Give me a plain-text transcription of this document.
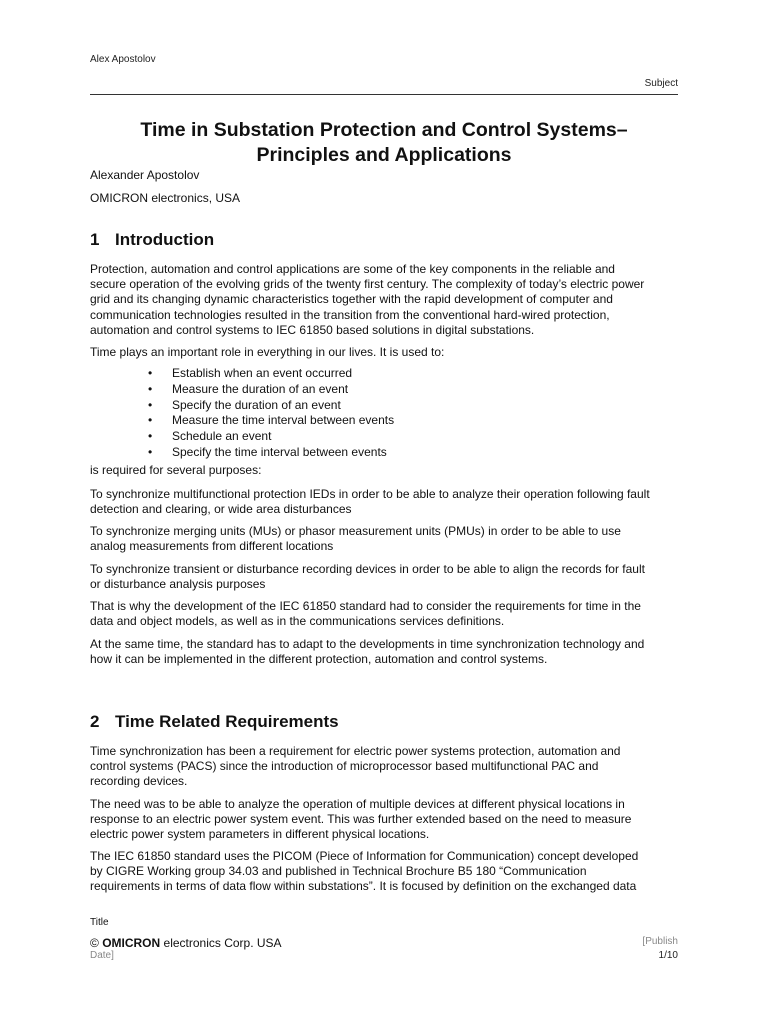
Alex Apostolov
Subject
Time in Substation Protection and Control Systems–
Principles and Applications
Alexander Apostolov
OMICRON electronics, USA
1 Introduction
Protection, automation and control applications are some of the key components in the reliable and
secure operation of the evolving grids of the twenty first century. The complexity of today’s electric power
grid and its changing dynamic characteristics together with the rapid development of computer and
communication technologies resulted in the transition from the conventional hard-wired protection,
automation and control systems to IEC 61850 based solutions in digital substations.
Time plays an important role in everything in our lives. It is used to:
• Establish when an event occurred
• Measure the duration of an event
• Specify the duration of an event
• Measure the time interval between events
• Schedule an event
• Specify the time interval between events
is required for several purposes:
To synchronize multifunctional protection IEDs in order to be able to analyze their operation following fault
detection and clearing, or wide area disturbances
To synchronize merging units (MUs) or phasor measurement units (PMUs) in order to be able to use
analog measurements from different locations
To synchronize transient or disturbance recording devices in order to be able to align the records for fault
or disturbance analysis purposes
That is why the development of the IEC 61850 standard had to consider the requirements for time in the
data and object models, as well as in the communications services definitions.
At the same time, the standard has to adapt to the developments in time synchronization technology and
how it can be implemented in the different protection, automation and control systems.
2 Time Related Requirements
Time synchronization has been a requirement for electric power systems protection, automation and
control systems (PACS) since the introduction of microprocessor based multifunctional PAC and
recording devices.
The need was to be able to analyze the operation of multiple devices at different physical locations in
response to an electric power system event. This was further extended based on the need to measure
electric power system parameters in different physical locations.
The IEC 61850 standard uses the PICOM (Piece of Information for Communication) concept developed
by CIGRE Working group 34.03 and published in Technical Brochure B5 180 “Communication
requirements in terms of data flow within substations”. It is focused by definition on the exchanged data
Title
© OMICRON electronics Corp. USA
Date]
[Publish
1/10
